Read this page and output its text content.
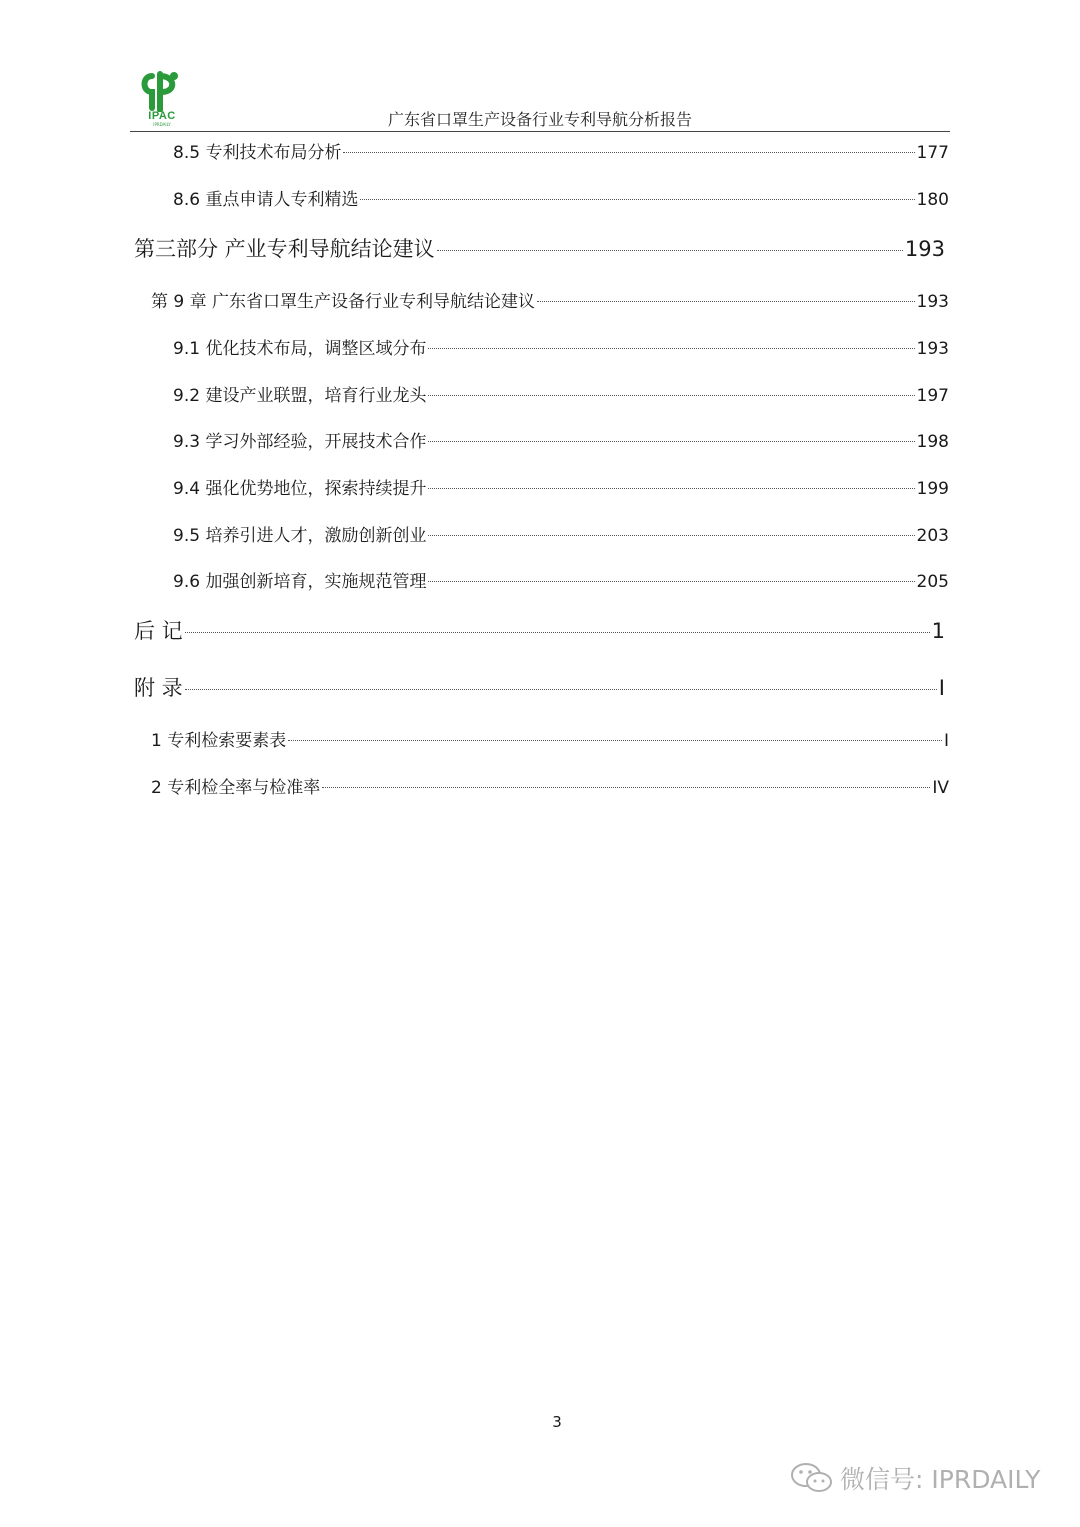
IPAC
IPRDAILY	广东省口罩生产设备行业专利导航分析报告
8.5 专利技术布局分析	177
8.6 重点申请人专利精选	180
第三部分 产业专利导航结论建议	193
第 9 章 广东省口罩生产设备行业专利导航结论建议	193
9.1 优化技术布局，调整区域分布	193
9.2 建设产业联盟，培育行业龙头	197
9.3 学习外部经验，开展技术合作	198
9.4 强化优势地位，探索持续提升	199
9.5 培养引进人才，激励创新创业	203
9.6 加强创新培育，实施规范管理	205
后 记	1
附 录	I
1 专利检索要素表	I
2 专利检全率与检准率	IV
3
微信号: IPRDAILY
